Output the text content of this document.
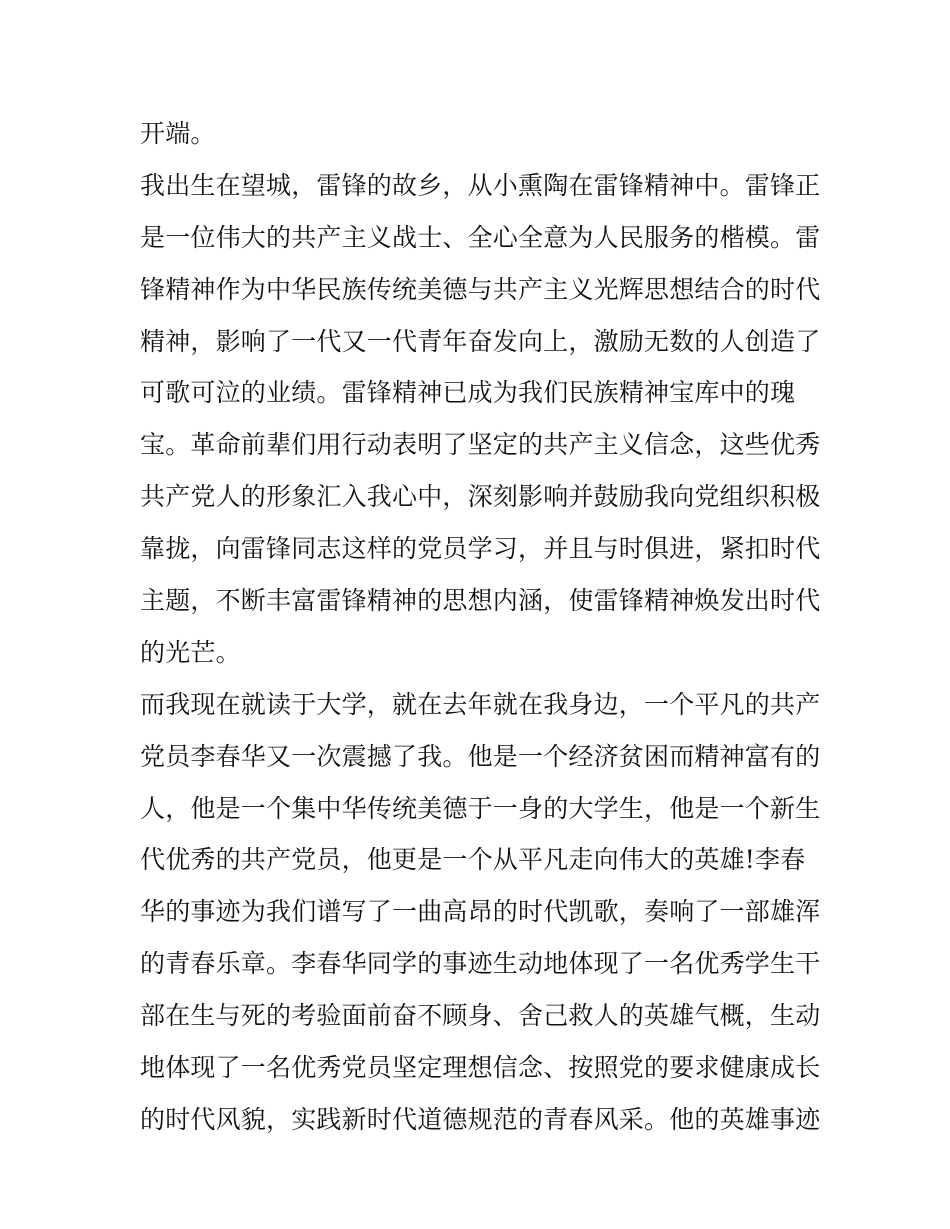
开端。
我出生在望城，雷锋的故乡，从小熏陶在雷锋精神中。雷锋正
是一位伟大的共产主义战士、全心全意为人民服务的楷模。雷
锋精神作为中华民族传统美德与共产主义光辉思想结合的时代
精神，影响了一代又一代青年奋发向上，激励无数的人创造了
可歌可泣的业绩。雷锋精神已成为我们民族精神宝库中的瑰
宝。革命前辈们用行动表明了坚定的共产主义信念，这些优秀
共产党人的形象汇入我心中，深刻影响并鼓励我向党组织积极
靠拢，向雷锋同志这样的党员学习，并且与时俱进，紧扣时代
主题，不断丰富雷锋精神的思想内涵，使雷锋精神焕发出时代
的光芒。
而我现在就读于大学，就在去年就在我身边，一个平凡的共产
党员李春华又一次震撼了我。他是一个经济贫困而精神富有的
人，他是一个集中华传统美德于一身的大学生，他是一个新生
代优秀的共产党员，他更是一个从平凡走向伟大的英雄!李春
华的事迹为我们谱写了一曲高昂的时代凯歌，奏响了一部雄浑
的青春乐章。李春华同学的事迹生动地体现了一名优秀学生干
部在生与死的考验面前奋不顾身、舍己救人的英雄气概，生动
地体现了一名优秀党员坚定理想信念、按照党的要求健康成长
的时代风貌，实践新时代道德规范的青春风采。他的英雄事迹
